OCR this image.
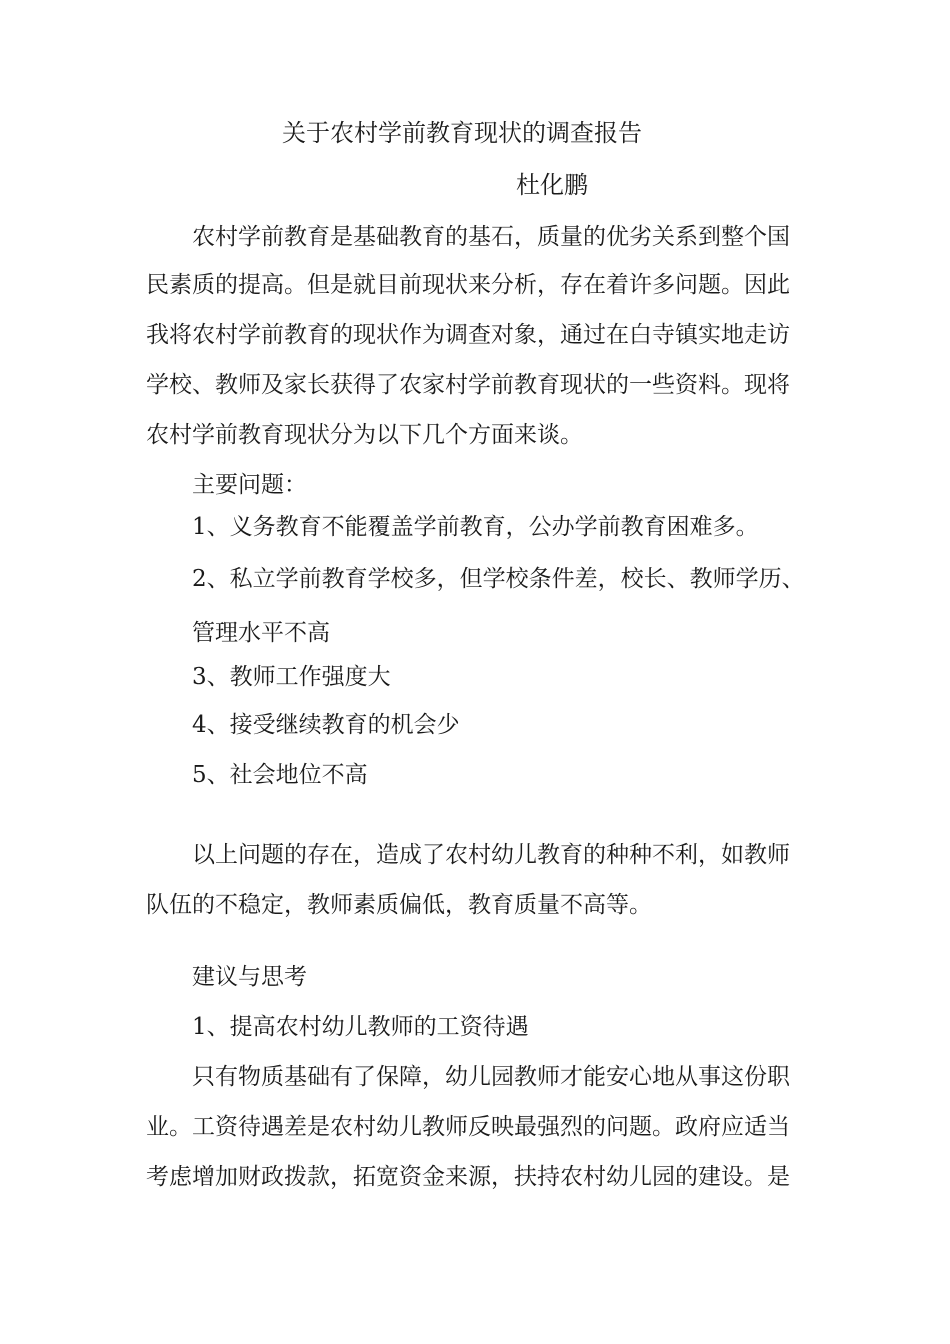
关于农村学前教育现状的调查报告
杜化鹏
农村学前教育是基础教育的基石，质量的优劣关系到整个国
民素质的提高。但是就目前现状来分析，存在着许多问题。因此
我将农村学前教育的现状作为调查对象，通过在白寺镇实地走访
学校、教师及家长获得了农家村学前教育现状的一些资料。现将
农村学前教育现状分为以下几个方面来谈。
主要问题：
1、义务教育不能覆盖学前教育，公办学前教育困难多。
2、私立学前教育学校多，但学校条件差，校长、教师学历、
管理水平不高
3、教师工作强度大
4、接受继续教育的机会少
5、社会地位不高
以上问题的存在，造成了农村幼儿教育的种种不利，如教师
队伍的不稳定，教师素质偏低，教育质量不高等。
建议与思考
1、提高农村幼儿教师的工资待遇
只有物质基础有了保障，幼儿园教师才能安心地从事这份职
业。工资待遇差是农村幼儿教师反映最强烈的问题。政府应适当
考虑增加财政拨款，拓宽资金来源，扶持农村幼儿园的建设。是
